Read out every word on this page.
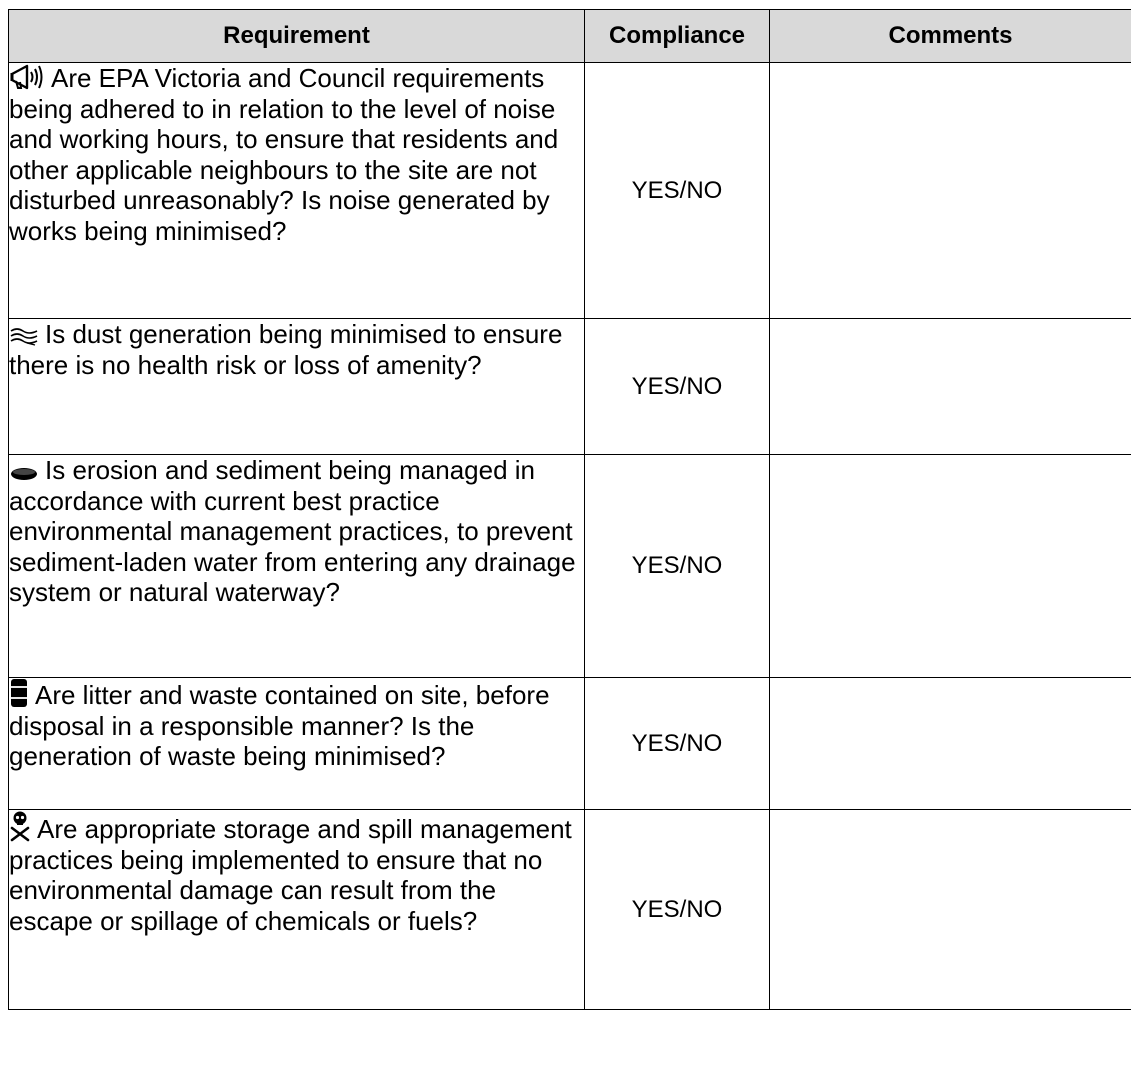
Requirement	Compliance	Comments

Are EPA Victoria and Council requirements being adhered to in relation to the level of noise and working hours, to ensure that residents and other applicable neighbours to the site are not disturbed unreasonably? Is noise generated by works being minimised?	YES/NO	

Is dust generation being minimised to ensure there is no health risk or loss of amenity?	YES/NO	

Is erosion and sediment being managed in accordance with current best practice environmental management practices, to prevent sediment-laden water from entering any drainage system or natural waterway?	YES/NO	

Are litter and waste contained on site, before disposal in a responsible manner? Is the generation of waste being minimised?	YES/NO	

Are appropriate storage and spill management practices being implemented to ensure that no environmental damage can result from the escape or spillage of chemicals or fuels?	YES/NO	
